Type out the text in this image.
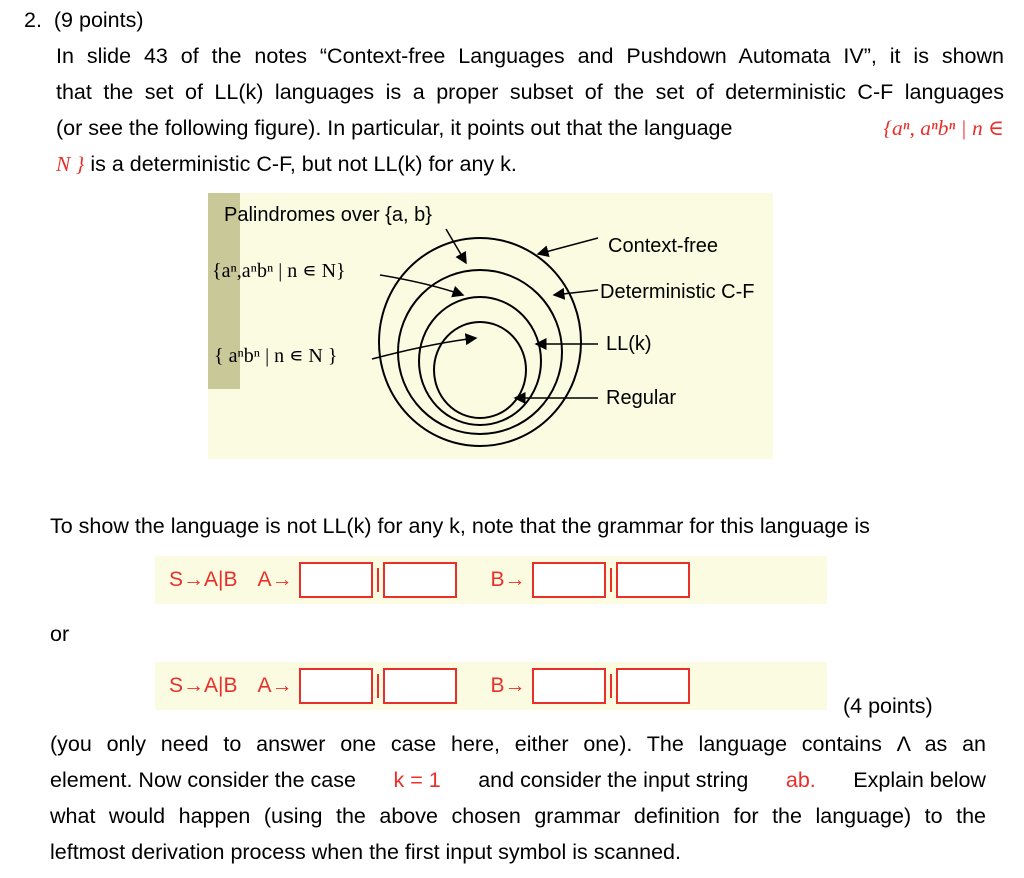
2. (9 points)
In slide 43 of the notes “Context-free Languages and Pushdown Automata IV”, it is shown
that the set of LL(k) languages is a proper subset of the set of deterministic C-F languages
(or see the following figure). In particular, it points out that the language	{aⁿ, aⁿbⁿ | n ∈
N } is a deterministic C-F, but not LL(k) for any k.
Palindromes over {a, b}
{aⁿ,aⁿbⁿ | n ∊ N}
{ aⁿbⁿ | n ∊ N }
Context-free
Deterministic C-F
LL(k)
Regular
To show the language is not LL(k) for any k, note that the grammar for this language is
S→A|B A→	B→
or
S→A|B A→	B→
(4 points)
(you only need to answer one case here, either one). The language contains Λ as an
element. Now consider the case k = 1 and consider the input string ab. Explain below
what would happen (using the above chosen grammar definition for the language) to the
leftmost derivation process when the first input symbol is scanned.
